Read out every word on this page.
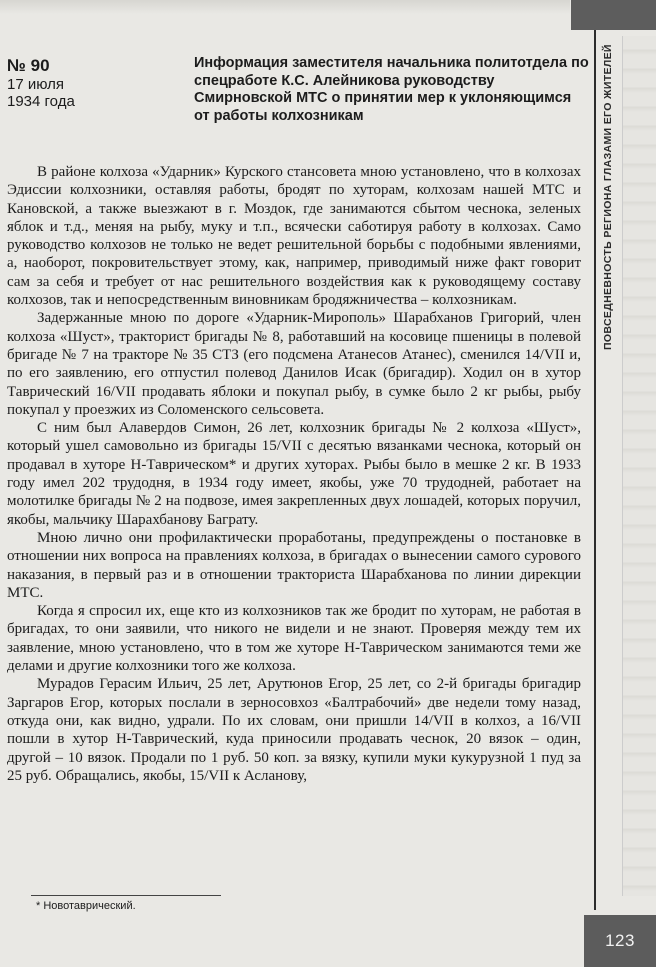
ПОВСЕДНЕВНОСТЬ РЕГИОНА ГЛАЗАМИ ЕГО ЖИТЕЛЕЙ
№ 90
17 июля
1934 года
Информация заместителя начальника политотдела по спецработе К.С. Алейникова руководству Смирновской МТС о принятии мер к уклоняющимся от работы колхозникам

В районе колхоза «Ударник» Курского стансовета мною установлено, что в колхозах Эдиссии колхозники, оставляя работы, бродят по хуторам, колхозам нашей МТС и Кановской, а также выезжают в г. Моздок, где занимаются сбытом чеснока, зеленых яблок и т.д., меняя на рыбу, муку и т.п., всячески саботируя работу в колхозах. Само руководство колхозов не только не ведет решительной борьбы с подобными явлениями, а, наоборот, покровительствует этому, как, например, приводимый ниже факт говорит сам за себя и требует от нас решительного воздействия как к руководящему составу колхозов, так и непосредственным виновникам бродяжничества – колхозникам.

Задержанные мною по дороге «Ударник-Мирополь» Шарабханов Григорий, член колхоза «Шуст», тракторист бригады № 8, работавший на косовице пшеницы в полевой бригаде № 7 на тракторе № 35 СТЗ (его подсмена Атанесов Атанес), сменился 14/VII и, по его заявлению, его отпустил полевод Данилов Исак (бригадир). Ходил он в хутор Таврический 16/VII продавать яблоки и покупал рыбу, в сумке было 2 кг рыбы, рыбу покупал у проезжих из Соломенского сельсовета.

С ним был Алавердов Симон, 26 лет, колхозник бригады № 2 колхоза «Шуст», который ушел самовольно из бригады 15/VII с десятью вязанками чеснока, который он продавал в хуторе Н-Таврическом* и других хуторах. Рыбы было в мешке 2 кг. В 1933 году имел 202 трудодня, в 1934 году имеет, якобы, уже 70 трудодней, работает на молотилке бригады № 2 на подвозе, имея закрепленных двух лошадей, которых поручил, якобы, мальчику Шарахбанову Баграту.

Мною лично они профилактически проработаны, предупреждены о постановке в отношении них вопроса на правлениях колхоза, в бригадах о вынесении самого сурового наказания, в первый раз и в отношении тракториста Шарабханова по линии дирекции МТС.

Когда я спросил их, еще кто из колхозников так же бродит по хуторам, не работая в бригадах, то они заявили, что никого не видели и не знают. Проверяя между тем их заявление, мною установлено, что в том же хуторе Н-Таврическом занимаются теми же делами и другие колхозники того же колхоза.

Мурадов Герасим Ильич, 25 лет, Арутюнов Егор, 25 лет, со 2-й бригады бригадир Заргаров Егор, которых послали в зерносовхоз «Балтрабочий» две недели тому назад, откуда они, как видно, удрали. По их словам, они пришли 14/VII в колхоз, а 16/VII пошли в хутор Н-Таврический, куда приносили продавать чеснок, 20 вязок – один, другой – 10 вязок. Продали по 1 руб. 50 коп. за вязку, купили муки кукурузной 1 пуд за 25 руб. Обращались, якобы, 15/VII к Асланову,

* Новотаврический.
123
